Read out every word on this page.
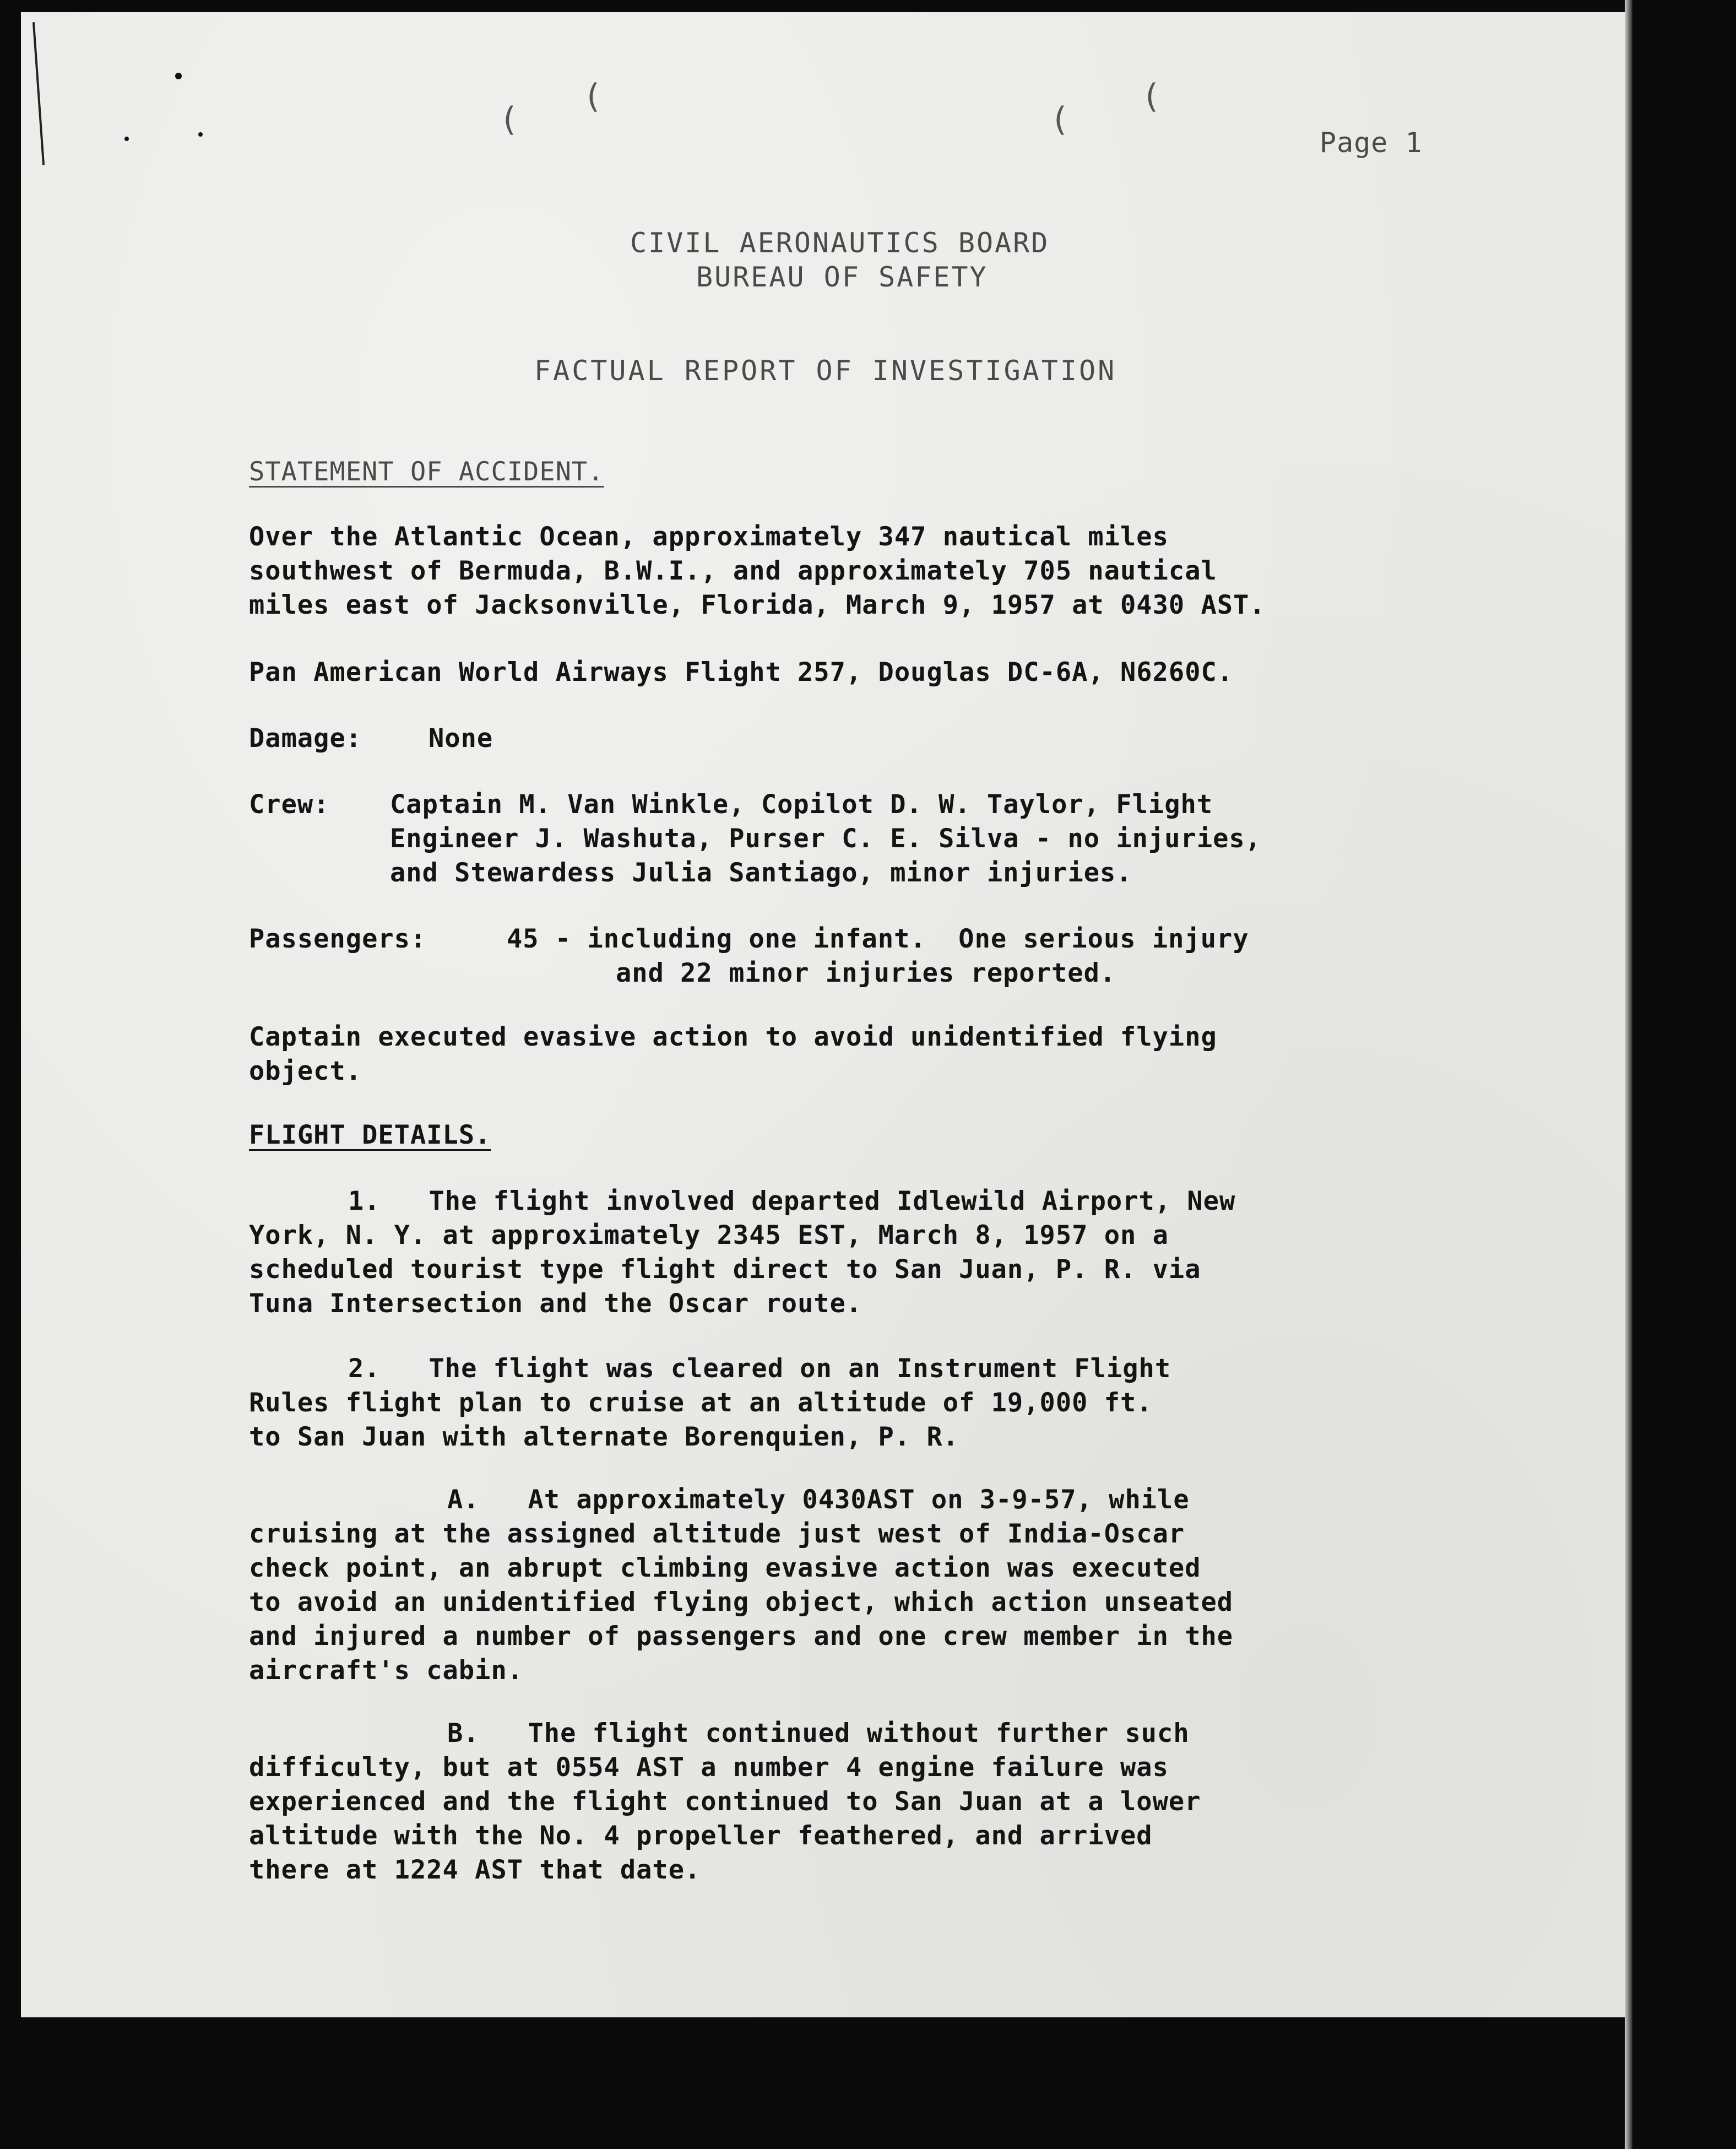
(
(
(
(

Page 1

CIVIL AERONAUTICS BOARD

BUREAU OF SAFETY

FACTUAL REPORT OF INVESTIGATION

STATEMENT OF ACCIDENT.

Over the Atlantic Ocean, approximately 347 nautical miles

southwest of Bermuda, B.W.I., and approximately 705 nautical

miles east of Jacksonville, Florida, March 9, 1957 at 0430 AST.

Pan American World Airways Flight 257, Douglas DC-6A, N6260C.

Damage:	None

Crew: Captain M. Van Winkle, Copilot D. W. Taylor, Flight

Engineer J. Washuta, Purser C. E. Silva - no injuries,

and Stewardess Julia Santiago, minor injuries.

Passengers:	45 - including one infant.  One serious injury

and 22 minor injuries reported.

Captain executed evasive action to avoid unidentified flying

object.

FLIGHT DETAILS.

1.   The flight involved departed Idlewild Airport, New

York, N. Y. at approximately 2345 EST, March 8, 1957 on a

scheduled tourist type flight direct to San Juan, P. R. via

Tuna Intersection and the Oscar route.

2.   The flight was cleared on an Instrument Flight

Rules flight plan to cruise at an altitude of 19,000 ft.

to San Juan with alternate Borenquien, P. R.

A.   At approximately 0430AST on 3-9-57, while

cruising at the assigned altitude just west of India-Oscar

check point, an abrupt climbing evasive action was executed

to avoid an unidentified flying object, which action unseated

and injured a number of passengers and one crew member in the

aircraft's cabin.

B.   The flight continued without further such

difficulty, but at 0554 AST a number 4 engine failure was

experienced and the flight continued to San Juan at a lower

altitude with the No. 4 propeller feathered, and arrived

there at 1224 AST that date.
